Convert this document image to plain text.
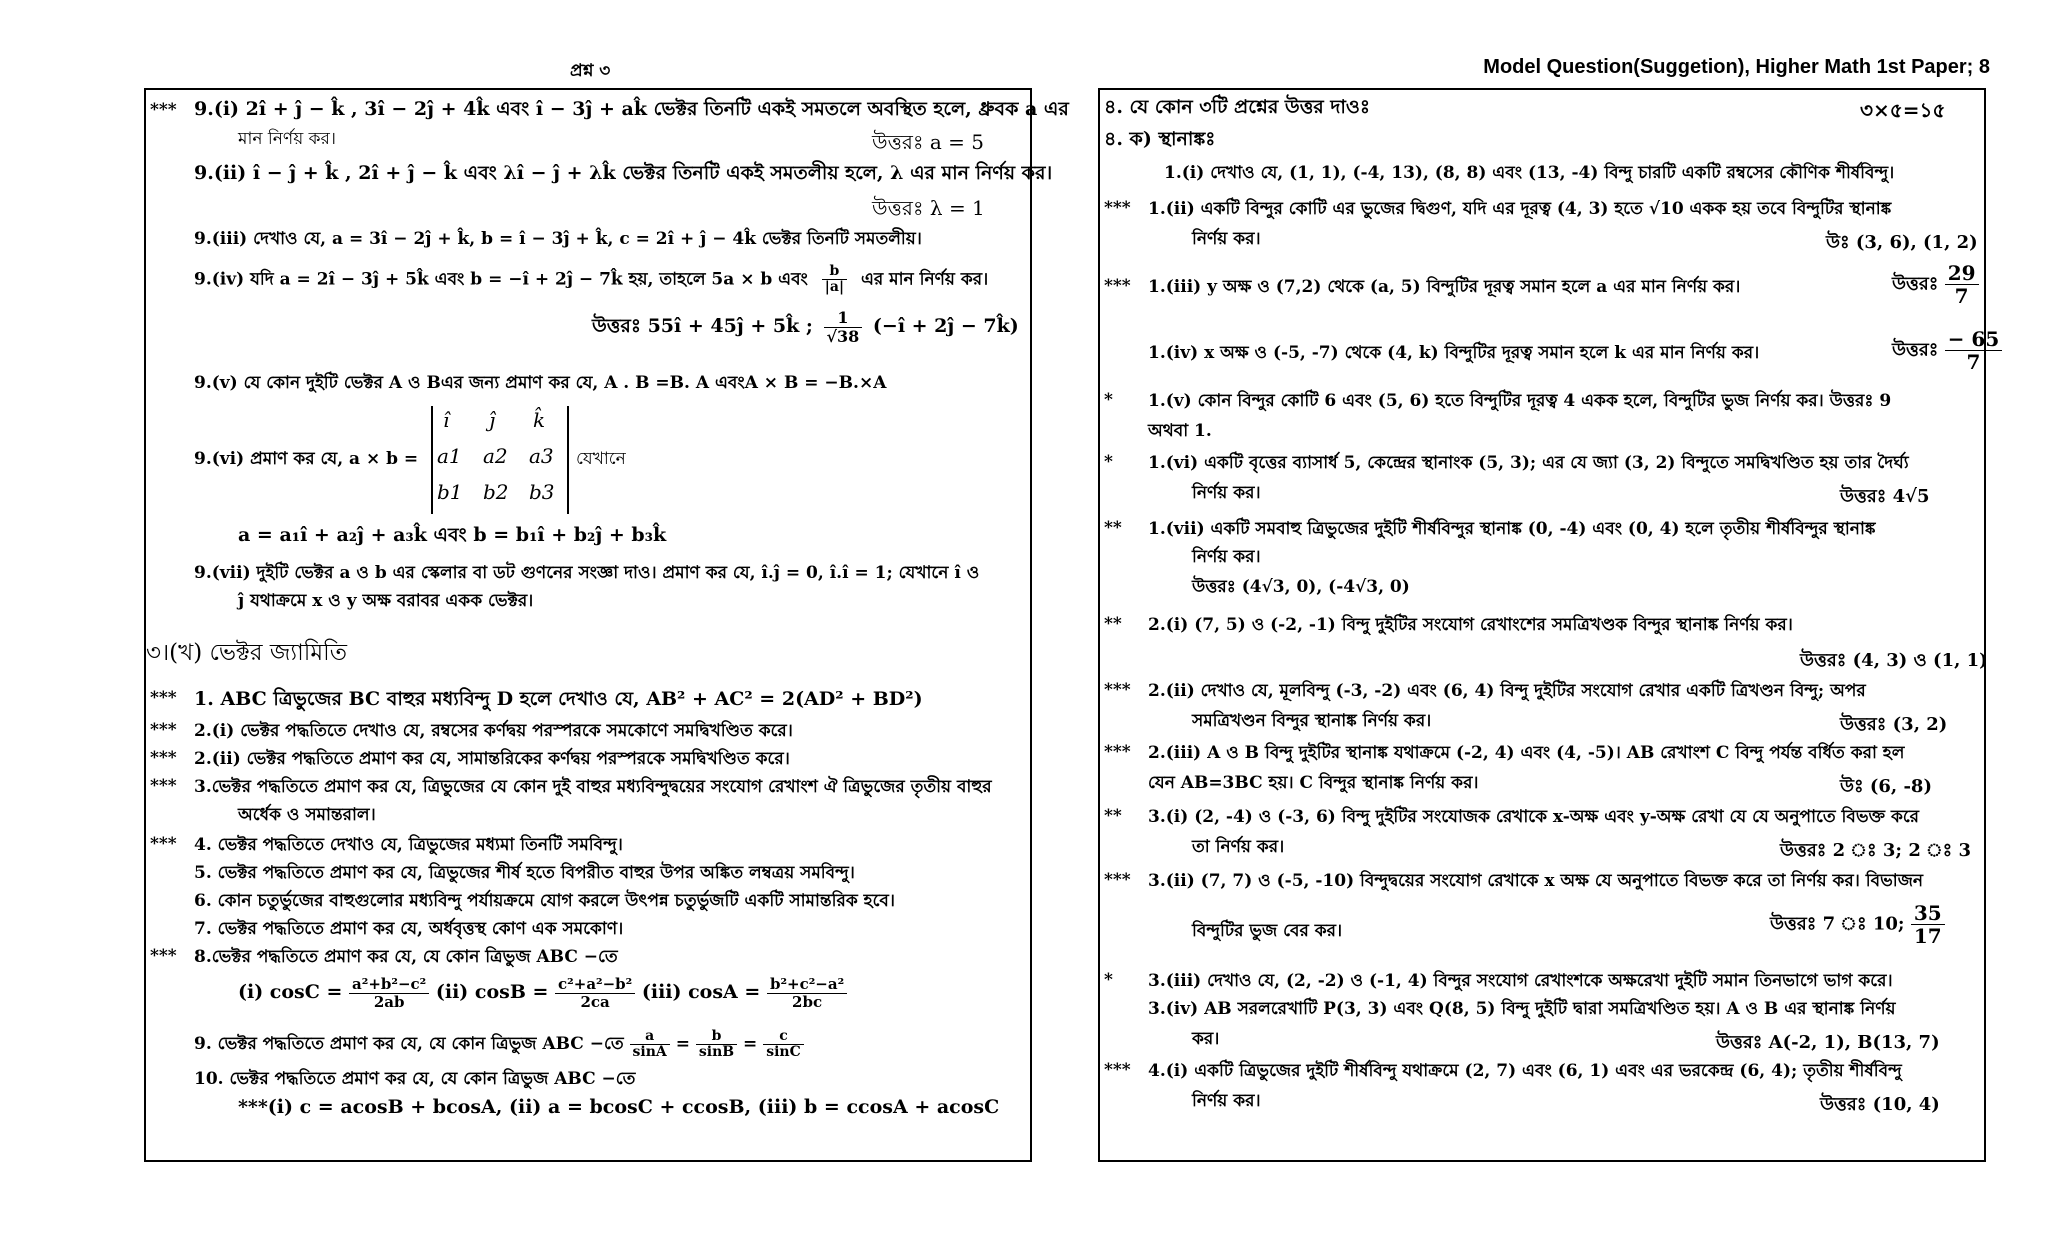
প্রশ্ন ৩	Model Question(Suggetion), Higher Math 1st Paper; 8
*** 9.(i) 2î + ĵ − k̂ , 3î − 2ĵ + 4k̂ এবং î − 3ĵ + ak̂ ভেক্টর তিনটি একই সমতলে অবস্থিত হলে, ধ্রুবক a এর
মান নির্ণয় কর।	উত্তরঃ a = 5
9.(ii) î − ĵ + k̂ , 2î + ĵ − k̂ এবং λî − ĵ + λk̂ ভেক্টর তিনটি একই সমতলীয় হলে, λ এর মান নির্ণয় কর।
উত্তরঃ λ = 1
9.(iii) দেখাও যে, a = 3î − 2ĵ + k̂, b = î − 3ĵ + k̂, c = 2î + ĵ − 4k̂ ভেক্টর তিনটি সমতলীয়।
9.(iv) যদি a = 2î − 3ĵ + 5k̂ এবং b = −î + 2ĵ − 7k̂ হয়, তাহলে 5a × b এবং $\frac{b}{|a|}$ এর মান নির্ণয় কর।
উত্তরঃ 55î + 45ĵ + 5k̂ ; $\frac{1}{√38}$ (−î + 2ĵ − 7k̂)
9.(v) যে কোন দুইটি ভেক্টর A ও Bএর জন্য প্রমাণ কর যে, A . B =B. A এবংA × B = −B.×A
9.(vi) প্রমাণ কর যে, a × b =
î ĵ k̂
a1 a2 a3
b1 b2 b3
যেখানে
a = a₁î + a₂ĵ + a₃k̂ এবং b = b₁î + b₂ĵ + b₃k̂
9.(vii) দুইটি ভেক্টর a ও b এর স্কেলার বা ডট গুণনের সংজ্ঞা দাও। প্রমাণ কর যে, î.ĵ = 0, î.î = 1; যেখানে î ও
ĵ যথাক্রমে x ও y অক্ষ বরাবর একক ভেক্টর।
৩।(খ) ভেক্টর জ্যামিতি
*** 1. ABC ত্রিভুজের BC বাহুর মধ্যবিন্দু D হলে দেখাও যে, AB² + AC² = 2(AD² + BD²)
*** 2.(i) ভেক্টর পদ্ধতিতে দেখাও যে, রম্বসের কর্ণদ্বয় পরস্পরকে সমকোণে সমদ্বিখণ্ডিত করে।
*** 2.(ii) ভেক্টর পদ্ধতিতে প্রমাণ কর যে, সামান্তরিকের কর্ণদ্বয় পরস্পরকে সমদ্বিখণ্ডিত করে।
*** 3.ভেক্টর পদ্ধতিতে প্রমাণ কর যে, ত্রিভুজের যে কোন দুই বাহুর মধ্যবিন্দুদ্বয়ের সংযোগ রেখাংশ ঐ ত্রিভুজের তৃতীয় বাহুর
অর্ধেক ও সমান্তরাল।
*** 4. ভেক্টর পদ্ধতিতে দেখাও যে, ত্রিভুজের মধ্যমা তিনটি সমবিন্দু।
5. ভেক্টর পদ্ধতিতে প্রমাণ কর যে, ত্রিভুজের শীর্ষ হতে বিপরীত বাহুর উপর অঙ্কিত লম্বত্রয় সমবিন্দু।
6. কোন চতুর্ভুজের বাহুগুলোর মধ্যবিন্দু পর্যায়ক্রমে যোগ করলে উৎপন্ন চতুর্ভুজটি একটি সামান্তরিক হবে।
7. ভেক্টর পদ্ধতিতে প্রমাণ কর যে, অর্ধবৃত্তস্থ কোণ এক সমকোণ।
*** 8.ভেক্টর পদ্ধতিতে প্রমাণ কর যে, যে কোন ত্রিভুজ ABC −তে
(i) $\cos C = \frac{\text{a²+b²−c²}}{2ab} (ii) \cos B = \frac{\text{c²+a²−b²}}{2ca} (iii) \cos A = \frac{\text{b²+c²−a²}}{2bc}$
9. ভেক্টর পদ্ধতিতে প্রমাণ কর যে, যে কোন ত্রিভুজ ABC −তে $\frac{a}{\sin A} = \frac{b}{\sin B} = \frac{c}{\sin C}$
10. ভেক্টর পদ্ধতিতে প্রমাণ কর যে, যে কোন ত্রিভুজ ABC −তে
***(i) c = acosB + bcosA, (ii) a = bcosC + ccosB, (iii) b = ccosA + acosC
৪. যে কোন ৩টি প্রশ্নের উত্তর দাওঃ	৩×৫=১৫
৪. ক) স্থানাঙ্কঃ
1.(i) দেখাও যে, (1, 1), (-4, 13), (8, 8) এবং (13, -4) বিন্দু চারটি একটি রম্বসের কৌণিক শীর্ষবিন্দু।
*** 1.(ii) একটি বিন্দুর কোটি এর ভুজের দ্বিগুণ, যদি এর দূরত্ব (4, 3) হতে √10 একক হয় তবে বিন্দুটির স্থানাঙ্ক
নির্ণয় কর।	উঃ (3, 6), (1, 2)
*** 1.(iii) y অক্ষ ও (7,2) থেকে (a, 5) বিন্দুটির দূরত্ব সমান হলে a এর মান নির্ণয় কর।	উত্তরঃ $\frac{29}{7}$
1.(iv) x অক্ষ ও (-5, -7) থেকে (4, k) বিন্দুটির দূরত্ব সমান হলে k এর মান নির্ণয় কর।	উত্তরঃ $\frac{- 65}{7}$
* 1.(v) কোন বিন্দুর কোটি 6 এবং (5, 6) হতে বিন্দুটির দূরত্ব 4 একক হলে, বিন্দুটির ভুজ নির্ণয় কর। উত্তরঃ 9
অথবা 1.
* 1.(vi) একটি বৃত্তের ব্যাসার্ধ 5, কেন্দ্রের স্থানাংক (5, 3); এর যে জ্যা (3, 2) বিন্দুতে সমদ্বিখণ্ডিত হয় তার দৈর্ঘ্য
নির্ণয় কর।	উত্তরঃ 4√5
** 1.(vii) একটি সমবাহু ত্রিভুজের দুইটি শীর্ষবিন্দুর স্থানাঙ্ক (0, -4) এবং (0, 4) হলে তৃতীয় শীর্ষবিন্দুর স্থানাঙ্ক
নির্ণয় কর।
উত্তরঃ (4√3, 0), (-4√3, 0)
** 2.(i) (7, 5) ও (-2, -1) বিন্দু দুইটির সংযোগ রেখাংশের সমত্রিখণ্ডক বিন্দুর স্থানাঙ্ক নির্ণয় কর।
উত্তরঃ (4, 3) ও (1, 1)
*** 2.(ii) দেখাও যে, মূলবিন্দু (-3, -2) এবং (6, 4) বিন্দু দুইটির সংযোগ রেখার একটি ত্রিখণ্ডন বিন্দু; অপর
সমত্রিখণ্ডন বিন্দুর স্থানাঙ্ক নির্ণয় কর।	উত্তরঃ (3, 2)
*** 2.(iii) A ও B বিন্দু দুইটির স্থানাঙ্ক যথাক্রমে (-2, 4) এবং (4, -5)। AB রেখাংশ C বিন্দু পর্যন্ত বর্ধিত করা হল
যেন AB=3BC হয়। C বিন্দুর স্থানাঙ্ক নির্ণয় কর।	উঃ (6, -8)
** 3.(i) (2, -4) ও (-3, 6) বিন্দু দুইটির সংযোজক রেখাকে x-অক্ষ এবং y-অক্ষ রেখা যে যে অনুপাতে বিভক্ত করে
তা নির্ণয় কর।	উত্তরঃ 2 ঃ 3; 2 ঃ 3
*** 3.(ii) (7, 7) ও (-5, -10) বিন্দুদ্বয়ের সংযোগ রেখাকে x অক্ষ যে অনুপাতে বিভক্ত করে তা নির্ণয় কর। বিভাজন
বিন্দুটির ভুজ বের কর।	উত্তরঃ 7 ঃ 10; $\frac{35}{17}$
* 3.(iii) দেখাও যে, (2, -2) ও (-1, 4) বিন্দুর সংযোগ রেখাংশকে অক্ষরেখা দুইটি সমান তিনভাগে ভাগ করে।
3.(iv) AB সরলরেখাটি P(3, 3) এবং Q(8, 5) বিন্দু দুইটি দ্বারা সমত্রিখণ্ডিত হয়। A ও B এর স্থানাঙ্ক নির্ণয়
কর।	উত্তরঃ A(-2, 1), B(13, 7)
*** 4.(i) একটি ত্রিভুজের দুইটি শীর্ষবিন্দু যথাক্রমে (2, 7) এবং (6, 1) এবং এর ভরকেন্দ্র (6, 4); তৃতীয় শীর্ষবিন্দু
নির্ণয় কর।	উত্তরঃ (10, 4)
